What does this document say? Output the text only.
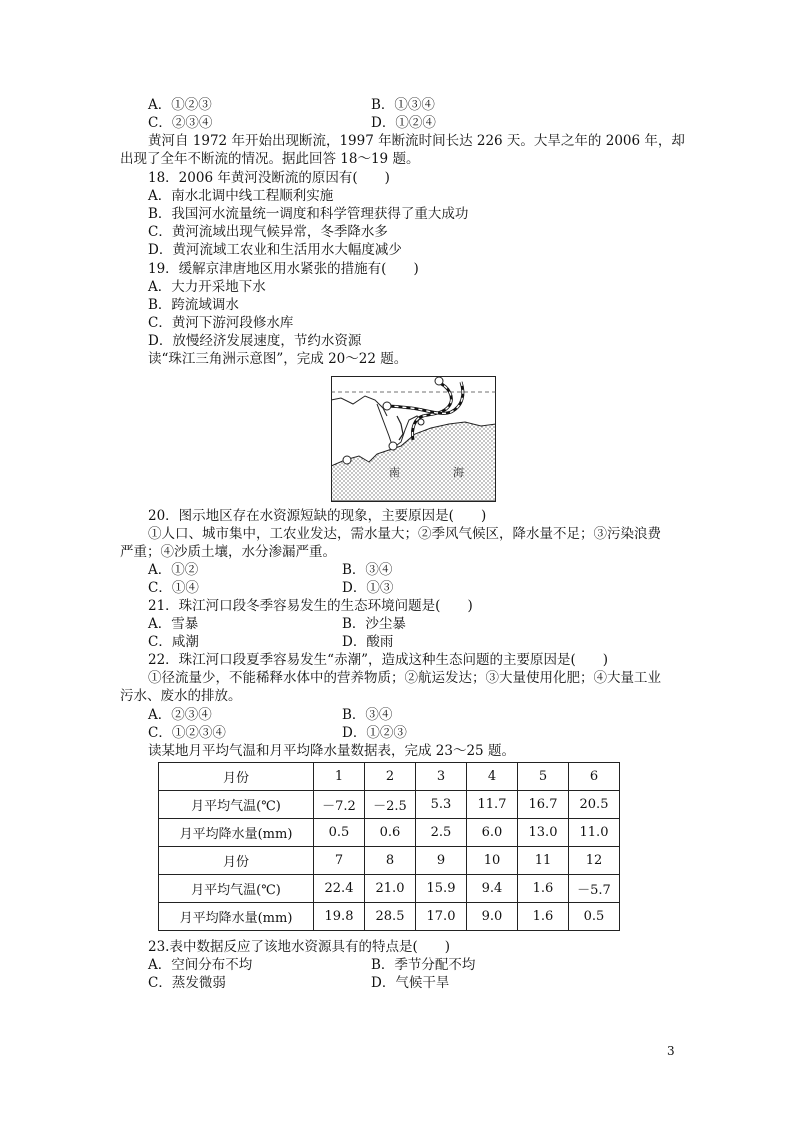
A．①②③	B．①③④
C．②③④	D．①②④
黄河自 1972 年开始出现断流，1997 年断流时间长达 226 天。大旱之年的 2006 年，却
出现了全年不断流的情况。据此回答 18～19 题。
18．2006 年黄河没断流的原因有(　　)
A．南水北调中线工程顺利实施
B．我国河水流量统一调度和科学管理获得了重大成功
C．黄河流域出现气候异常，冬季降水多
D．黄河流域工农业和生活用水大幅度减少
19．缓解京津唐地区用水紧张的措施有(　　)
A．大力开采地下水
B．跨流域调水
C．黄河下游河段修水库
D．放慢经济发展速度，节约水资源
读“珠江三角洲示意图”，完成 20～22 题。
南	海
20．图示地区存在水资源短缺的现象，主要原因是(　　)
①人口、城市集中，工农业发达，需水量大；②季风气候区，降水量不足；③污染浪费
严重；④沙质土壤，水分渗漏严重。
A．①②	B．③④
C．①④	D．①③
21．珠江河口段冬季容易发生的生态环境问题是(　　)
A．雪暴	B．沙尘暴
C．咸潮	D．酸雨
22．珠江河口段夏季容易发生“赤潮”，造成这种生态问题的主要原因是(　　)
①径流量少，不能稀释水体中的营养物质；②航运发达；③大量使用化肥；④大量工业
污水、废水的排放。
A．②③④	B．③④
C．①②③④	D．①②③
读某地月平均气温和月平均降水量数据表，完成 23～25 题。
月份	1	2	3	4	5	6
月平均气温(℃)	－7.2	－2.5	5.3	11.7	16.7	20.5
月平均降水量(mm)	0.5	0.6	2.5	6.0	13.0	11.0
月份	7	8	9	10	11	12
月平均气温(℃)	22.4	21.0	15.9	9.4	1.6	－5.7
月平均降水量(mm)	19.8	28.5	17.0	9.0	1.6	0.5
23.表中数据反应了该地水资源具有的特点是(　　)
A．空间分布不均	B．季节分配不均
C．蒸发微弱	D．气候干旱
3
